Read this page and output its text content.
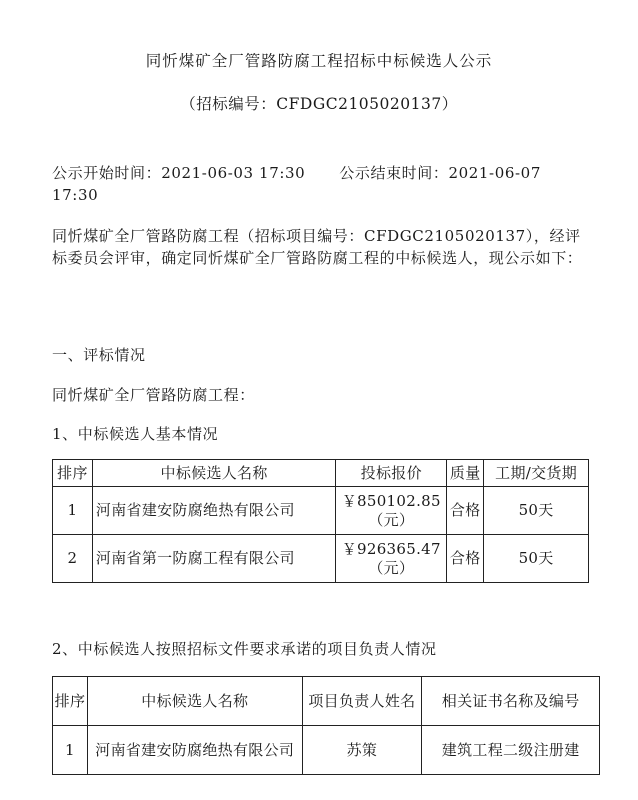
同忻煤矿全厂管路防腐工程招标中标候选人公示
（招标编号：CFDGC2105020137）
公示开始时间：2021-06-03 17:30 公示结束时间：2021-06-07 17:30
同忻煤矿全厂管路防腐工程（招标项目编号：CFDGC2105020137），经评标委员会评审，确定同忻煤矿全厂管路防腐工程的中标候选人，现公示如下：
一、评标情况
同忻煤矿全厂管路防腐工程：
1、中标候选人基本情况
排序	中标候选人名称	投标报价	质量	工期/交货期
1	河南省建安防腐绝热有限公司	￥850102.85（元）	合格	50天
2	河南省第一防腐工程有限公司	￥926365.47（元）	合格	50天
2、中标候选人按照招标文件要求承诺的项目负责人情况
排序	中标候选人名称	项目负责人姓名	相关证书名称及编号
1	河南省建安防腐绝热有限公司	苏策	建筑工程二级注册建
